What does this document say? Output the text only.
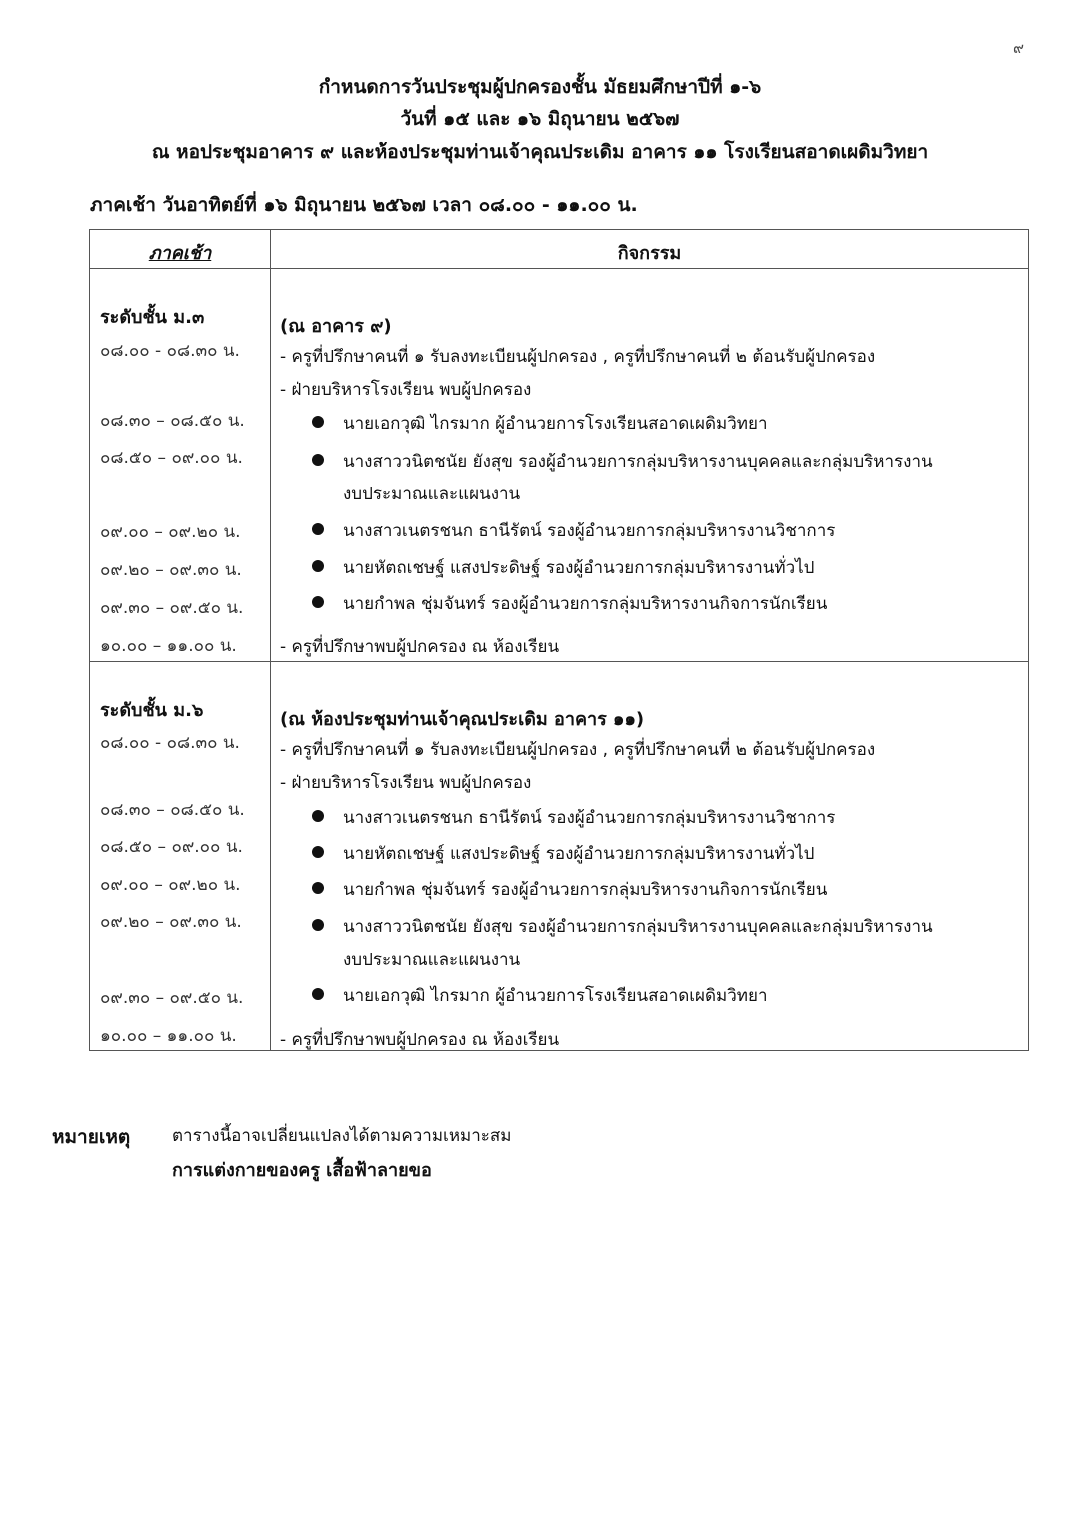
๙
กำหนดการวันประชุมผู้ปกครองชั้น มัธยมศึกษาปีที่ ๑-๖
วันที่ ๑๕ และ ๑๖ มิถุนายน ๒๕๖๗
ณ หอประชุมอาคาร ๙ และห้องประชุมท่านเจ้าคุณประเดิม อาคาร ๑๑ โรงเรียนสอาดเผดิมวิทยา
ภาคเช้า วันอาทิตย์ที่ ๑๖ มิถุนายน ๒๕๖๗ เวลา ๐๘.๐๐ - ๑๑.๐๐ น.
ภาคเช้า	กิจกรรม
ระดับชั้น ม.๓
๐๘.๐๐ - ๐๘.๓๐ น.
๐๘.๓๐ – ๐๘.๕๐ น.
๐๘.๕๐ – ๐๙.๐๐ น.
๐๙.๐๐ – ๐๙.๒๐ น.
๐๙.๒๐ – ๐๙.๓๐ น.
๐๙.๓๐ – ๐๙.๕๐ น.
๑๐.๐๐ – ๑๑.๐๐ น.
(ณ อาคาร ๙)
- ครูที่ปรึกษาคนที่ ๑ รับลงทะเบียนผู้ปกครอง , ครูที่ปรึกษาคนที่ ๒ ต้อนรับผู้ปกครอง
- ฝ่ายบริหารโรงเรียน พบผู้ปกครอง
นายเอกวุฒิ ไกรมาก ผู้อำนวยการโรงเรียนสอาดเผดิมวิทยา
นางสาววนิตชนัย ยังสุข รองผู้อำนวยการกลุ่มบริหารงานบุคคลและกลุ่มบริหารงาน
งบประมาณและแผนงาน
นางสาวเนตรชนก ธานีรัตน์ รองผู้อำนวยการกลุ่มบริหารงานวิชาการ
นายหัตถเชษฐ์ แสงประดิษฐ์ รองผู้อำนวยการกลุ่มบริหารงานทั่วไป
นายกำพล ชุ่มจันทร์ รองผู้อำนวยการกลุ่มบริหารงานกิจการนักเรียน
- ครูที่ปรึกษาพบผู้ปกครอง ณ ห้องเรียน
ระดับชั้น ม.๖
๐๘.๐๐ - ๐๘.๓๐ น.
๐๘.๓๐ – ๐๘.๕๐ น.
๐๘.๕๐ – ๐๙.๐๐ น.
๐๙.๐๐ – ๐๙.๒๐ น.
๐๙.๒๐ – ๐๙.๓๐ น.
๐๙.๓๐ – ๐๙.๕๐ น.
๑๐.๐๐ – ๑๑.๐๐ น.
(ณ ห้องประชุมท่านเจ้าคุณประเดิม อาคาร ๑๑)
- ครูที่ปรึกษาคนที่ ๑ รับลงทะเบียนผู้ปกครอง , ครูที่ปรึกษาคนที่ ๒ ต้อนรับผู้ปกครอง
- ฝ่ายบริหารโรงเรียน พบผู้ปกครอง
นางสาวเนตรชนก ธานีรัตน์ รองผู้อำนวยการกลุ่มบริหารงานวิชาการ
นายหัตถเชษฐ์ แสงประดิษฐ์ รองผู้อำนวยการกลุ่มบริหารงานทั่วไป
นายกำพล ชุ่มจันทร์ รองผู้อำนวยการกลุ่มบริหารงานกิจการนักเรียน
นางสาววนิตชนัย ยังสุข รองผู้อำนวยการกลุ่มบริหารงานบุคคลและกลุ่มบริหารงาน
งบประมาณและแผนงาน
นายเอกวุฒิ ไกรมาก ผู้อำนวยการโรงเรียนสอาดเผดิมวิทยา
- ครูที่ปรึกษาพบผู้ปกครอง ณ ห้องเรียน
หมายเหตุ ตารางนี้อาจเปลี่ยนแปลงได้ตามความเหมาะสม
การแต่งกายของครู เสื้อฟ้าลายขอ
